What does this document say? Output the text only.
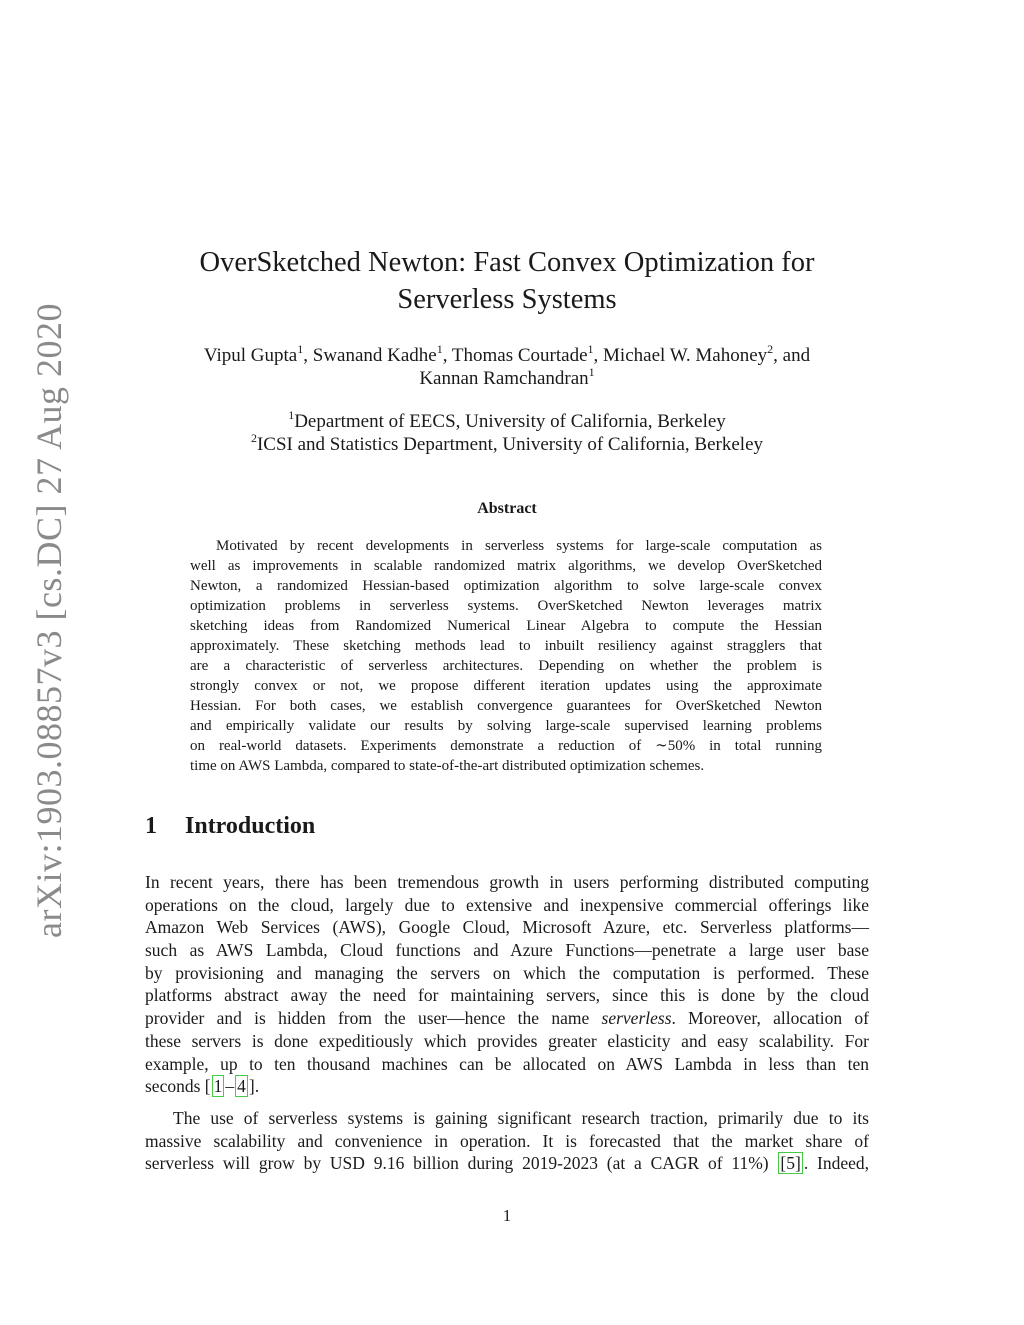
arXiv:1903.08857v3 [cs.DC] 27 Aug 2020
OverSketched Newton: Fast Convex Optimization for
Serverless Systems
Vipul Gupta$^1$, Swanand Kadhe$^1$, Thomas Courtade$^1$, Michael W. Mahoney$^2$, and
Kannan Ramchandran$^1$
$^1$Department of EECS, University of California, Berkeley
$^2$ICSI and Statistics Department, University of California, Berkeley
Abstract
Motivated by recent developments in serverless systems for large-scale computation as
well as improvements in scalable randomized matrix algorithms, we develop OverSketched
Newton, a randomized Hessian-based optimization algorithm to solve large-scale convex
optimization problems in serverless systems. OverSketched Newton leverages matrix
sketching ideas from Randomized Numerical Linear Algebra to compute the Hessian
approximately. These sketching methods lead to inbuilt resiliency against stragglers that
are a characteristic of serverless architectures. Depending on whether the problem is
strongly convex or not, we propose different iteration updates using the approximate
Hessian. For both cases, we establish convergence guarantees for OverSketched Newton
and empirically validate our results by solving large-scale supervised learning problems
on real-world datasets. Experiments demonstrate a reduction of ∼50% in total running
time on AWS Lambda, compared to state-of-the-art distributed optimization schemes.
1 Introduction
In recent years, there has been tremendous growth in users performing distributed computing
operations on the cloud, largely due to extensive and inexpensive commercial offerings like
Amazon Web Services (AWS), Google Cloud, Microsoft Azure, etc. Serverless platforms—
such as AWS Lambda, Cloud functions and Azure Functions—penetrate a large user base
by provisioning and managing the servers on which the computation is performed. These
platforms abstract away the need for maintaining servers, since this is done by the cloud
provider and is hidden from the user—hence the name serverless. Moreover, allocation of
these servers is done expeditiously which provides greater elasticity and easy scalability. For
example, up to ten thousand machines can be allocated on AWS Lambda in less than ten
seconds [ 1 – 4 ].
The use of serverless systems is gaining significant research traction, primarily due to its
massive scalability and convenience in operation. It is forecasted that the market share of
serverless will grow by USD 9.16 billion during 2019-2023 (at a CAGR of 11%) [5] . Indeed,
1
